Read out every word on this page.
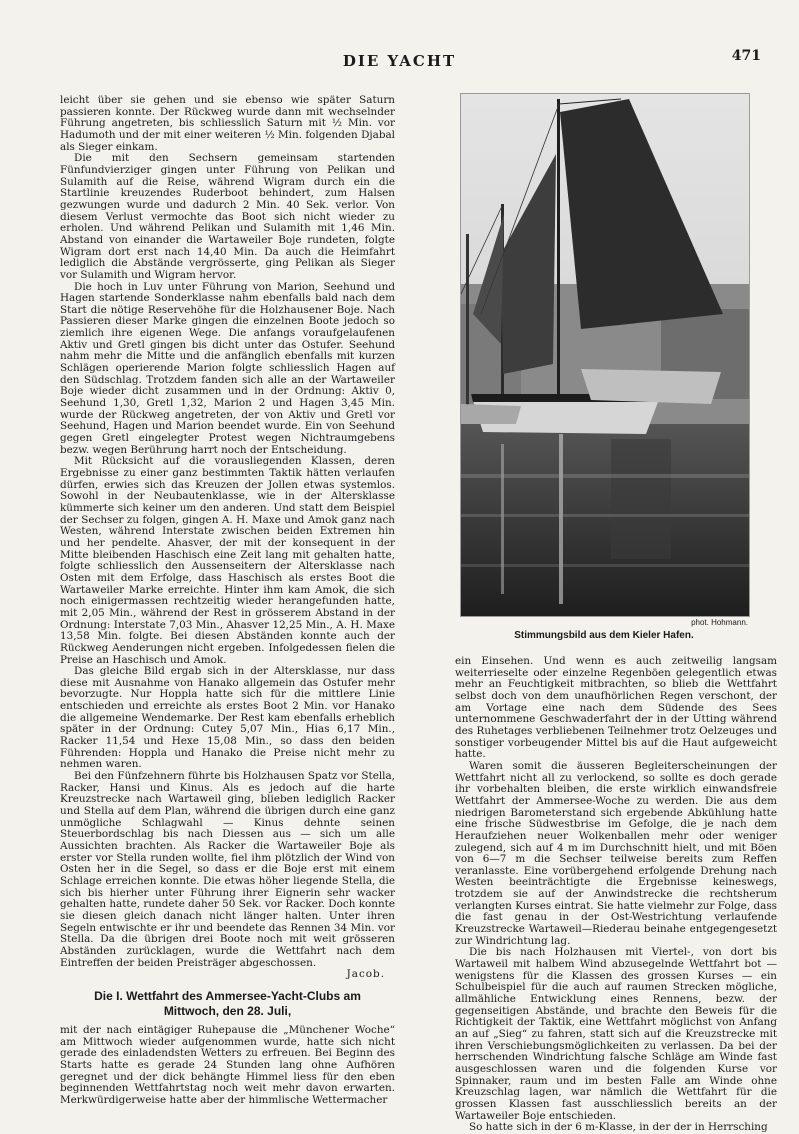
DIE YACHT	471

leicht über sie gehen und sie ebenso wie später Saturn passieren konnte. Der Rückweg wurde dann mit wechselnder Führung angetreten, bis schliesslich Saturn mit ½ Min. vor Hadumoth und der mit einer weiteren ½ Min. folgenden Djabal als Sieger einkam.

Die mit den Sechsern gemeinsam startenden Fünfundvierziger gingen unter Führung von Pelikan und Sulamith auf die Reise, während Wigram durch ein die Startlinie kreuzendes Ruderboot behindert, zum Halsen gezwungen wurde und dadurch 2 Min. 40 Sek. verlor. Von diesem Verlust vermochte das Boot sich nicht wieder zu erholen. Und während Pelikan und Sulamith mit 1,46 Min. Abstand von einander die Wartaweiler Boje rundeten, folgte Wigram dort erst nach 14,40 Min. Da auch die Heimfahrt lediglich die Abstände vergrösserte, ging Pelikan als Sieger vor Sulamith und Wigram hervor.

Die hoch in Luv unter Führung von Marion, Seehund und Hagen startende Sonderklasse nahm ebenfalls bald nach dem Start die nötige Reservehöhe für die Holzhausener Boje. Nach Passieren dieser Marke gingen die einzelnen Boote jedoch so ziemlich ihre eigenen Wege. Die anfangs voraufgelaufenen Aktiv und Gretl gingen bis dicht unter das Ostufer. Seehund nahm mehr die Mitte und die anfänglich ebenfalls mit kurzen Schlägen operierende Marion folgte schliesslich Hagen auf den Südschlag. Trotzdem fanden sich alle an der Wartaweiler Boje wieder dicht zusammen und in der Ordnung: Aktiv 0, Seehund 1,30, Gretl 1,32, Marion 2 und Hagen 3,45 Min. wurde der Rückweg angetreten, der von Aktiv und Gretl vor Seehund, Hagen und Marion beendet wurde. Ein von Seehund gegen Gretl eingelegter Protest wegen Nichtraumgebens bezw. wegen Berührung harrt noch der Entscheidung.

Mit Rücksicht auf die vorausliegenden Klassen, deren Ergebnisse zu einer ganz bestimmten Taktik hätten verlaufen dürfen, erwies sich das Kreuzen der Jollen etwas systemlos. Sowohl in der Neubautenklasse, wie in der Altersklasse kümmerte sich keiner um den anderen. Und statt dem Beispiel der Sechser zu folgen, gingen A. H. Maxe und Amok ganz nach Westen, während Interstate zwischen beiden Extremen hin und her pendelte. Ahasver, der mit der konsequent in der Mitte bleibenden Haschisch eine Zeit lang mit gehalten hatte, folgte schliesslich den Aussenseitern der Altersklasse nach Osten mit dem Erfolge, dass Haschisch als erstes Boot die Wartaweiler Marke erreichte. Hinter ihm kam Amok, die sich noch einigermassen rechtzeitig wieder herangefunden hatte, mit 2,05 Min., während der Rest in grösserem Abstand in der Ordnung: Interstate 7,03 Min., Ahasver 12,25 Min., A. H. Maxe 13,58 Min. folgte. Bei diesen Abständen konnte auch der Rückweg Aenderungen nicht ergeben. Infolgedessen fielen die Preise an Haschisch und Amok.

Das gleiche Bild ergab sich in der Altersklasse, nur dass diese mit Ausnahme von Hanako allgemein das Ostufer mehr bevorzugte. Nur Hoppla hatte sich für die mittlere Linie entschieden und erreichte als erstes Boot 2 Min. vor Hanako die allgemeine Wendemarke. Der Rest kam ebenfalls erheblich später in der Ordnung: Cutey 5,07 Min., Hias 6,17 Min., Racker 11,54 und Hexe 15,08 Min., so dass den beiden Führenden: Hoppla und Hanako die Preise nicht mehr zu nehmen waren.

Bei den Fünfzehnern führte bis Holzhausen Spatz vor Stella, Racker, Hansi und Kinus. Als es jedoch auf die harte Kreuzstrecke nach Wartaweil ging, blieben lediglich Racker und Stella auf dem Plan, während die übrigen durch eine ganz unmögliche Schlagwahl — Kinus dehnte seinen Steuerbordschlag bis nach Diessen aus — sich um alle Aussichten brachten. Als Racker die Wartaweiler Boje als erster vor Stella runden wollte, fiel ihm plötzlich der Wind von Osten her in die Segel, so dass er die Boje erst mit einem Schlage erreichen konnte. Die etwas höher liegende Stella, die sich bis hierher unter Führung ihrer Eignerin sehr wacker gehalten hatte, rundete daher 50 Sek. vor Racker. Doch konnte sie diesen gleich danach nicht länger halten. Unter ihren Segeln entwischte er ihr und beendete das Rennen 34 Min. vor Stella. Da die übrigen drei Boote noch mit weit grösseren Abständen zurücklagen, wurde die Wettfahrt nach dem Eintreffen der beiden Preisträger abgeschossen.

Jacob.
Die I. Wettfahrt des Ammersee-Yacht-Clubs am
Mittwoch, den 28. Juli,

mit der nach eintägiger Ruhepause die „Münchener Woche“ am Mittwoch wieder aufgenommen wurde, hatte sich nicht gerade des einladendsten Wetters zu erfreuen. Bei Beginn des Starts hatte es gerade 24 Stunden lang ohne Aufhören geregnet und der dick behängte Himmel liess für den eben beginnenden Wettfahrtstag noch weit mehr davon erwarten. Merkwürdigerweise hatte aber der himmlische Wettermacher

phot. Hohmann.
Stimmungsbild aus dem Kieler Hafen.

ein Einsehen. Und wenn es auch zeitweilig langsam weiterrieselte oder einzelne Regenböen gelegentlich etwas mehr an Feuchtigkeit mitbrachten, so blieb die Wettfahrt selbst doch von dem unaufhörlichen Regen verschont, der am Vortage eine nach dem Südende des Sees unternommene Geschwaderfahrt der in der Utting während des Ruhetages verbliebenen Teilnehmer trotz Oelzeuges und sonstiger vorbeugender Mittel bis auf die Haut aufgeweicht hatte.

Waren somit die äusseren Begleiterscheinungen der Wettfahrt nicht all zu verlockend, so sollte es doch gerade ihr vorbehalten bleiben, die erste wirklich einwandsfreie Wettfahrt der Ammersee-Woche zu werden. Die aus dem niedrigen Barometerstand sich ergebende Abkühlung hatte eine frische Südwestbrise im Gefolge, die je nach dem Heraufziehen neuer Wolkenballen mehr oder weniger zulegend, sich auf 4 m im Durchschnitt hielt, und mit Böen von 6—7 m die Sechser teilweise bereits zum Reffen veranlasste. Eine vorübergehend erfolgende Drehung nach Westen beeinträchtigte die Ergebnisse keineswegs, trotzdem sie auf der Anwindstrecke die rechtsherum verlangten Kurses eintrat. Sie hatte vielmehr zur Folge, dass die fast genau in der Ost-Westrichtung verlaufende Kreuzstrecke Wartaweil—Riederau beinahe entgegengesetzt zur Windrichtung lag.

Die bis nach Holzhausen mit Viertel-, von dort bis Wartaweil mit halbem Wind abzusegelnde Wettfahrt bot — wenigstens für die Klassen des grossen Kurses — ein Schulbeispiel für die auch auf raumen Strecken mögliche, allmähliche Entwicklung eines Rennens, bezw. der gegenseitigen Abstände, und brachte den Beweis für die Richtigkeit der Taktik, eine Wettfahrt möglichst von Anfang an auf „Sieg“ zu fahren, statt sich auf die Kreuzstrecke mit ihren Verschiebungsmöglichkeiten zu verlassen. Da bei der herrschenden Windrichtung falsche Schläge am Winde fast ausgeschlossen waren und die folgenden Kurse vor Spinnaker, raum und im besten Falle am Winde ohne Kreuzschlag lagen, war nämlich die Wettfahrt für die grossen Klassen fast ausschliesslich bereits an der Wartaweiler Boje entschieden.

So hatte sich in der 6 m-Klasse, in der der in Herrsching
